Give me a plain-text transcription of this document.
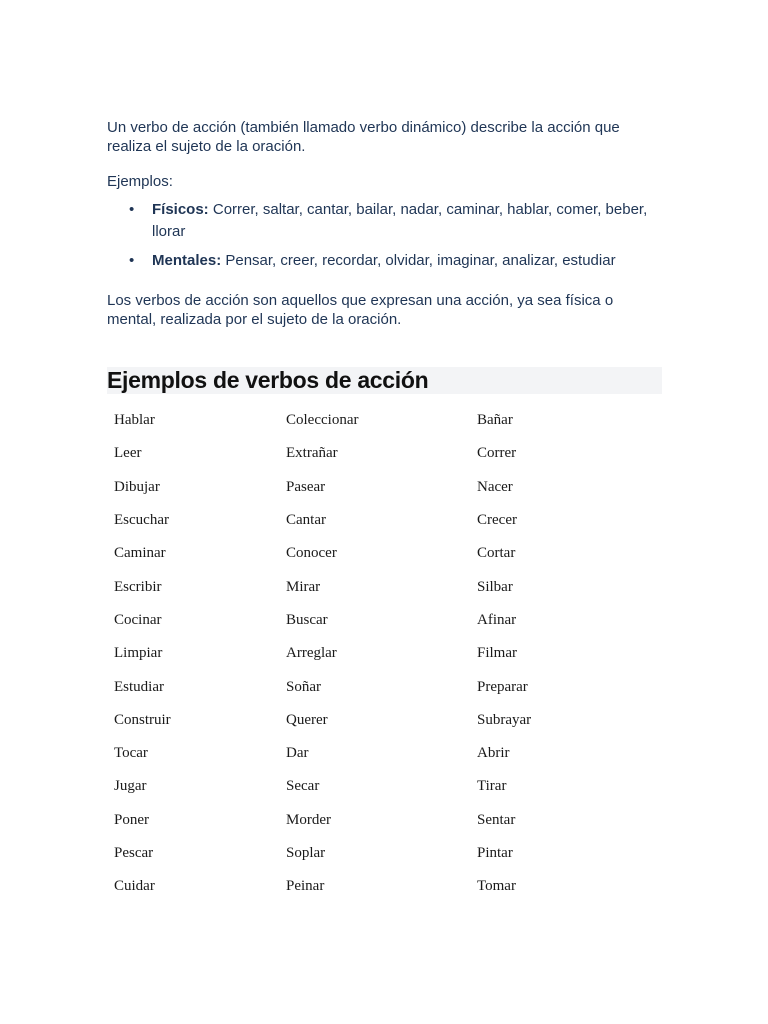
Un verbo de acción (también llamado verbo dinámico) describe la acción que realiza el sujeto de la oración.

Ejemplos:

• Físicos: Correr, saltar, cantar, bailar, nadar, caminar, hablar, comer, beber, llorar
• Mentales: Pensar, creer, recordar, olvidar, imaginar, analizar, estudiar

Los verbos de acción son aquellos que expresan una acción, ya sea física o mental, realizada por el sujeto de la oración.

Ejemplos de verbos de acción
Hablar	Coleccionar	Bañar
Leer	Extrañar	Correr
Dibujar	Pasear	Nacer
Escuchar	Cantar	Crecer
Caminar	Conocer	Cortar
Escribir	Mirar	Silbar
Cocinar	Buscar	Afinar
Limpiar	Arreglar	Filmar
Estudiar	Soñar	Preparar
Construir	Querer	Subrayar
Tocar	Dar	Abrir
Jugar	Secar	Tirar
Poner	Morder	Sentar
Pescar	Soplar	Pintar
Cuidar	Peinar	Tomar
